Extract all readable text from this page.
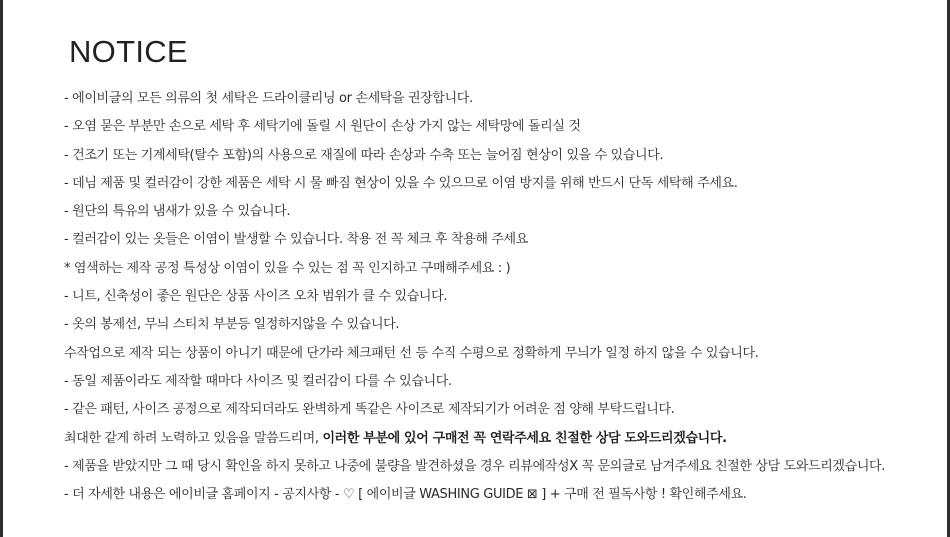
NOTICE
- 에이비글의 모든 의류의 첫 세탁은 드라이클리닝 or 손세탁을 권장합니다.
- 오염 묻은 부분만 손으로 세탁 후 세탁기에 돌릴 시 원단이 손상 가지 않는 세탁망에 돌리실 것
- 건조기 또는 기계세탁(탈수 포함)의 사용으로 재질에 따라 손상과 수축 또는 늘어짐 현상이 있을 수 있습니다.
- 데님 제품 및 컬러감이 강한 제품은 세탁 시 물 빠짐 현상이 있을 수 있으므로 이염 방지를 위해 반드시 단독 세탁해 주세요.
- 원단의 특유의 냄새가 있을 수 있습니다.
- 컬러감이 있는 옷들은 이염이 발생할 수 있습니다. 착용 전 꼭 체크 후 착용해 주세요
* 염색하는 제작 공정 특성상 이염이 있을 수 있는 점 꼭 인지하고 구매해주세요 : )
- 니트, 신축성이 좋은 원단은 상품 사이즈 오차 범위가 클 수 있습니다.
- 옷의 봉제선, 무늬 스티치 부분등 일정하지않을 수 있습니다.
수작업으로 제작 되는 상품이 아니기 때문에 단가라 체크패턴 선 등 수직 수평으로 정확하게 무늬가 일정 하지 않을 수 있습니다.
- 동일 제품이라도 제작할 때마다 사이즈 및 컬러감이 다를 수 있습니다.
- 같은 패턴, 사이즈 공정으로 제작되더라도 완벽하게 똑같은 사이즈로 제작되기가 어려운 점 양해 부탁드립니다.
최대한 같게 하려 노력하고 있음을 말씀드리며, 이러한 부분에 있어 구매전 꼭 연락주세요 친절한 상담 도와드리겠습니다.
- 제품을 받았지만 그 때 당시 확인을 하지 못하고 나중에 불량을 발견하셨을 경우 리뷰에작성X 꼭 문의글로 남겨주세요 친절한 상담 도와드리겠습니다.
- 더 자세한 내용은 에이비글 홈페이지 - 공지사항 - ♡ [ 에이비글 WASHING GUIDE ⊠ ] + 구매 전 필독사항 ! 확인해주세요.
